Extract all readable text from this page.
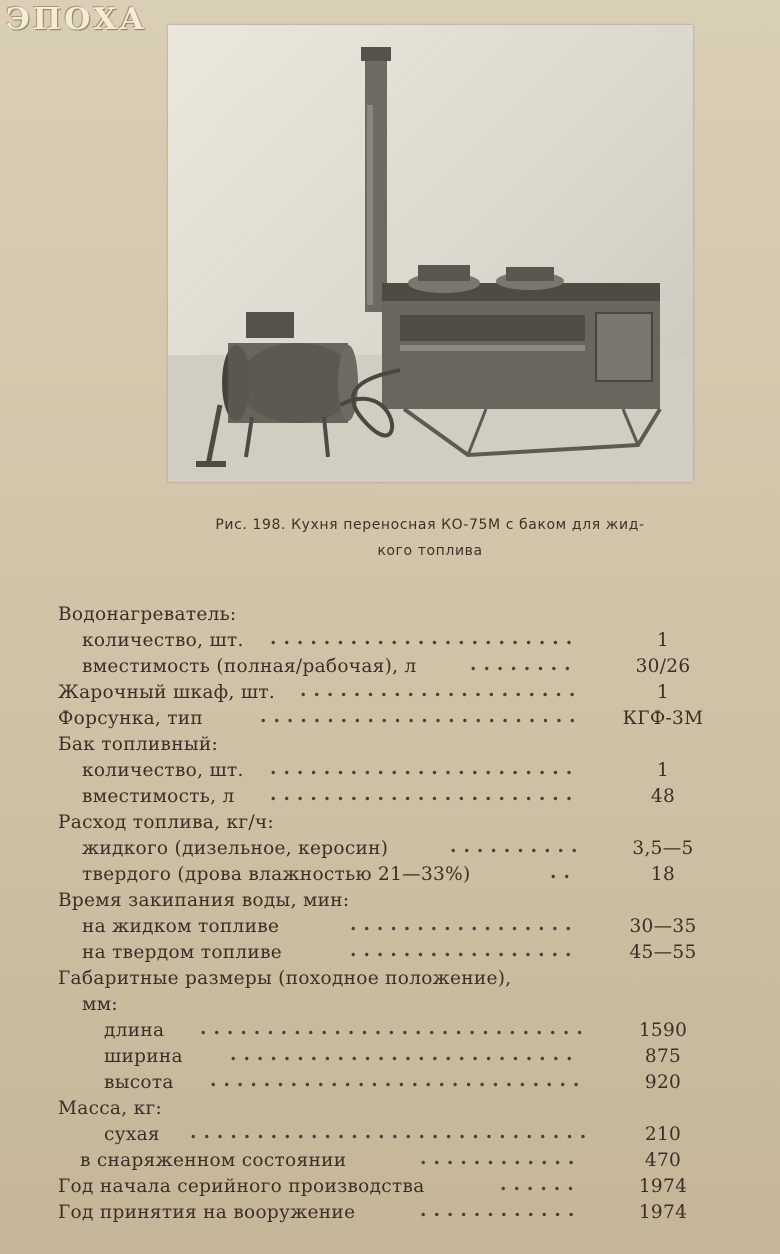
ЭПОХА
Рис. 198. Кухня переносная КО-75М с баком для жид-
кого топлива
Водонагреватель:
количество, шт. .......................	1
вместимость (полная/рабочая), л	........	30/26
Жарочный шкаф, шт. .....................	1
Форсунка, тип	........................	КГФ-3М
Бак топливный:
количество, шт. .......................	1
вместимость, л .......................	48
Расход топлива, кг/ч:
жидкого (дизельное, керосин)	..........	3,5—5
твердого (дрова влажностью 21—33%)	..	18
Время закипания воды, мин:
на жидком топливе	.................	30—35
на твердом топливе	.................	45—55
Габаритные размеры (походное положение),
мм:
длина .............................	1590
ширина	..........................	875
высота ............................	920
Масса, кг:
сухая ..............................	210
в снаряженном состоянии	............	470
Год начала серийного производства	......	1974
Год принятия на вооружение	............	1974
